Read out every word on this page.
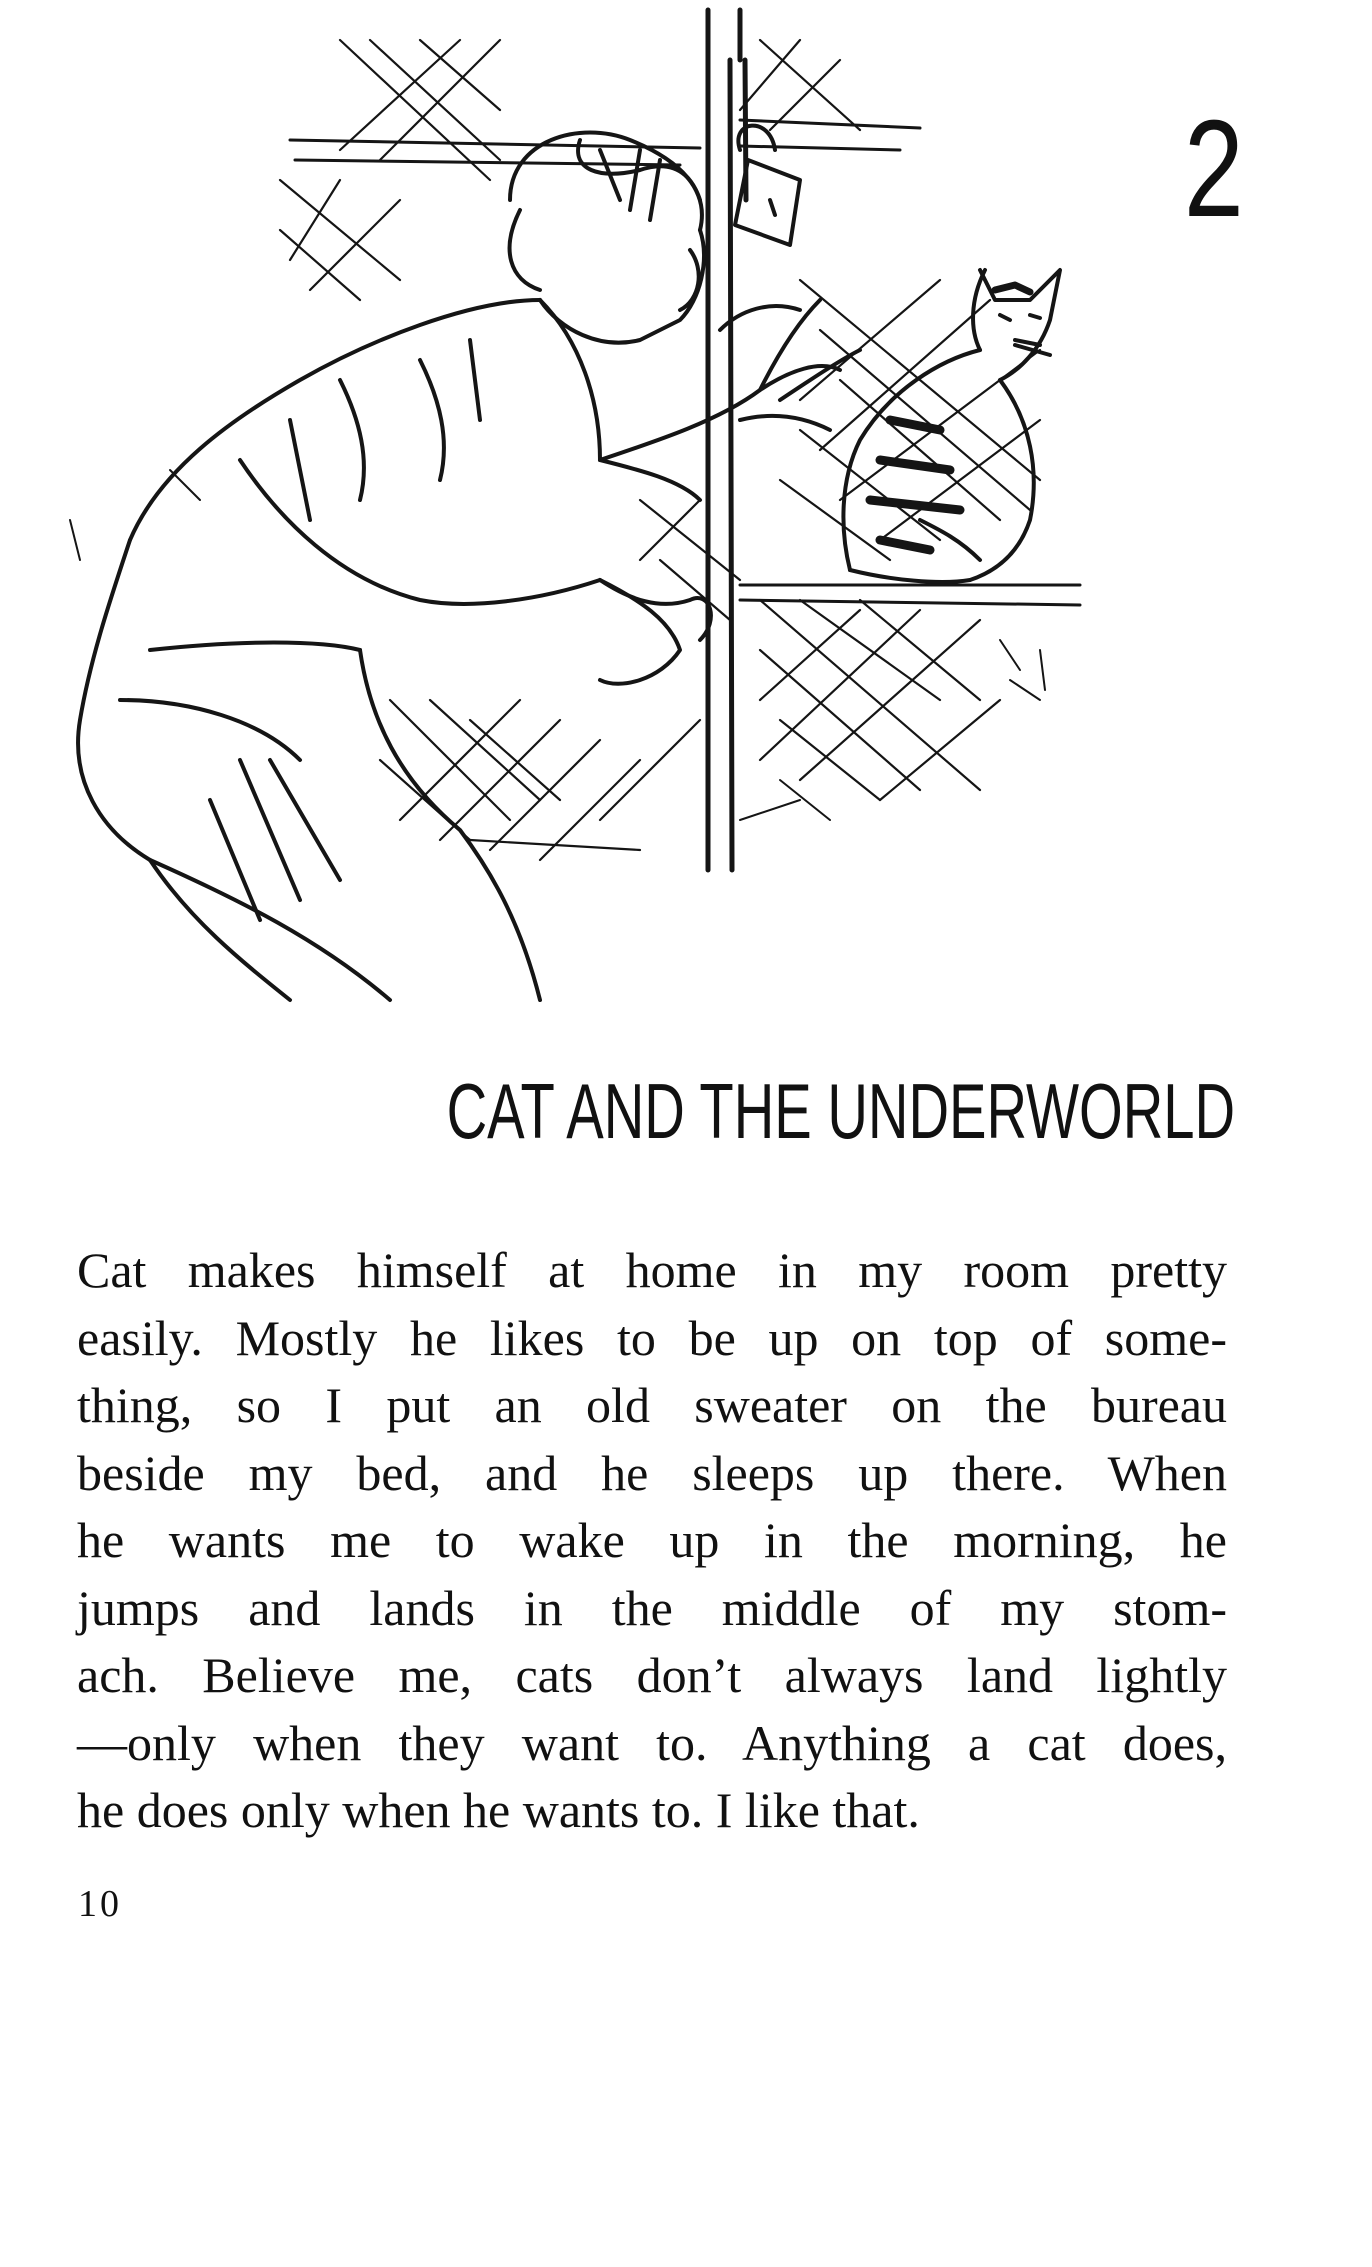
2
CAT AND THE UNDERWORLD
Cat makes himself at home in my room pretty
easily. Mostly he likes to be up on top of some-
thing, so I put an old sweater on the bureau
beside my bed, and he sleeps up there. When
he wants me to wake up in the morning, he
jumps and lands in the middle of my stom-
ach. Believe me, cats don’t always land lightly
—only when they want to. Anything a cat does,
he does only when he wants to. I like that.
10
